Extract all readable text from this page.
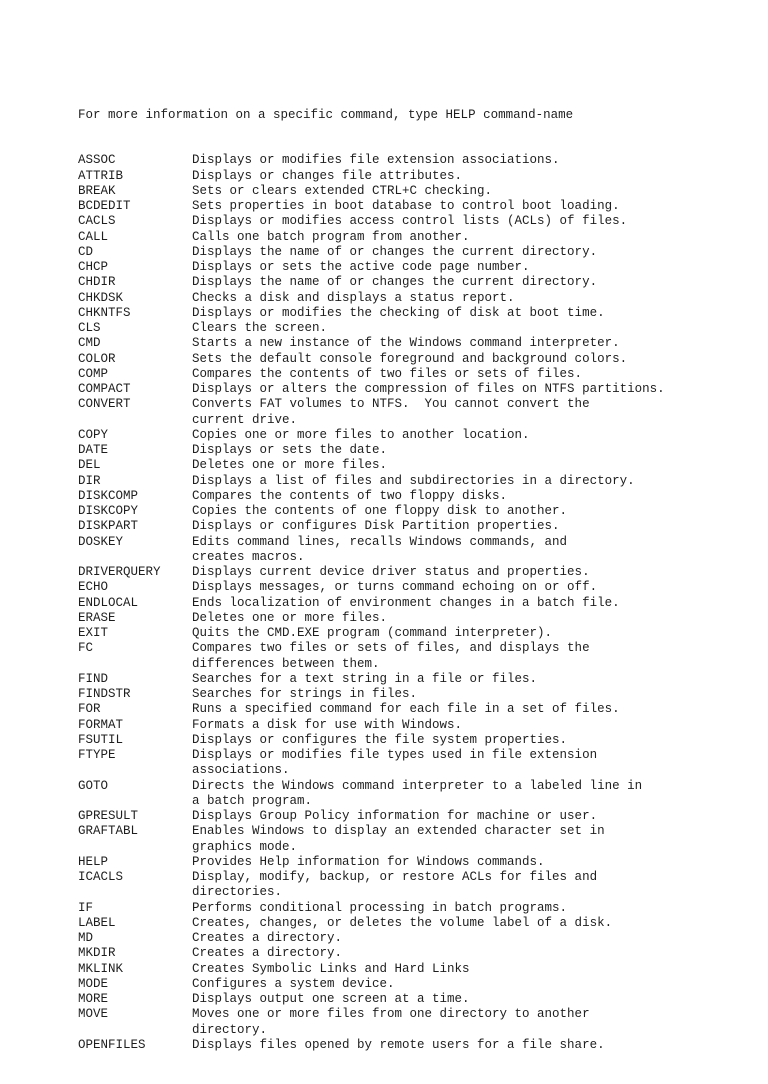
For more information on a specific command, type HELP command-name

ASSOC	Displays or modifies file extension associations.
ATTRIB	Displays or changes file attributes.
BREAK	Sets or clears extended CTRL+C checking.
BCDEDIT	Sets properties in boot database to control boot loading.
CACLS	Displays or modifies access control lists (ACLs) of files.
CALL	Calls one batch program from another.
CD	Displays the name of or changes the current directory.
CHCP	Displays or sets the active code page number.
CHDIR	Displays the name of or changes the current directory.
CHKDSK	Checks a disk and displays a status report.
CHKNTFS	Displays or modifies the checking of disk at boot time.
CLS	Clears the screen.
CMD	Starts a new instance of the Windows command interpreter.
COLOR	Sets the default console foreground and background colors.
COMP	Compares the contents of two files or sets of files.
COMPACT	Displays or alters the compression of files on NTFS partitions.
CONVERT	Converts FAT volumes to NTFS.  You cannot convert the
current drive.
COPY	Copies one or more files to another location.
DATE	Displays or sets the date.
DEL	Deletes one or more files.
DIR	Displays a list of files and subdirectories in a directory.
DISKCOMP	Compares the contents of two floppy disks.
DISKCOPY	Copies the contents of one floppy disk to another.
DISKPART	Displays or configures Disk Partition properties.
DOSKEY	Edits command lines, recalls Windows commands, and
creates macros.
DRIVERQUERY	Displays current device driver status and properties.
ECHO	Displays messages, or turns command echoing on or off.
ENDLOCAL	Ends localization of environment changes in a batch file.
ERASE	Deletes one or more files.
EXIT	Quits the CMD.EXE program (command interpreter).
FC	Compares two files or sets of files, and displays the
differences between them.
FIND	Searches for a text string in a file or files.
FINDSTR	Searches for strings in files.
FOR	Runs a specified command for each file in a set of files.
FORMAT	Formats a disk for use with Windows.
FSUTIL	Displays or configures the file system properties.
FTYPE	Displays or modifies file types used in file extension
associations.
GOTO	Directs the Windows command interpreter to a labeled line in
a batch program.
GPRESULT	Displays Group Policy information for machine or user.
GRAFTABL	Enables Windows to display an extended character set in
graphics mode.
HELP	Provides Help information for Windows commands.
ICACLS	Display, modify, backup, or restore ACLs for files and
directories.
IF	Performs conditional processing in batch programs.
LABEL	Creates, changes, or deletes the volume label of a disk.
MD	Creates a directory.
MKDIR	Creates a directory.
MKLINK	Creates Symbolic Links and Hard Links
MODE	Configures a system device.
MORE	Displays output one screen at a time.
MOVE	Moves one or more files from one directory to another
directory.
OPENFILES	Displays files opened by remote users for a file share.
